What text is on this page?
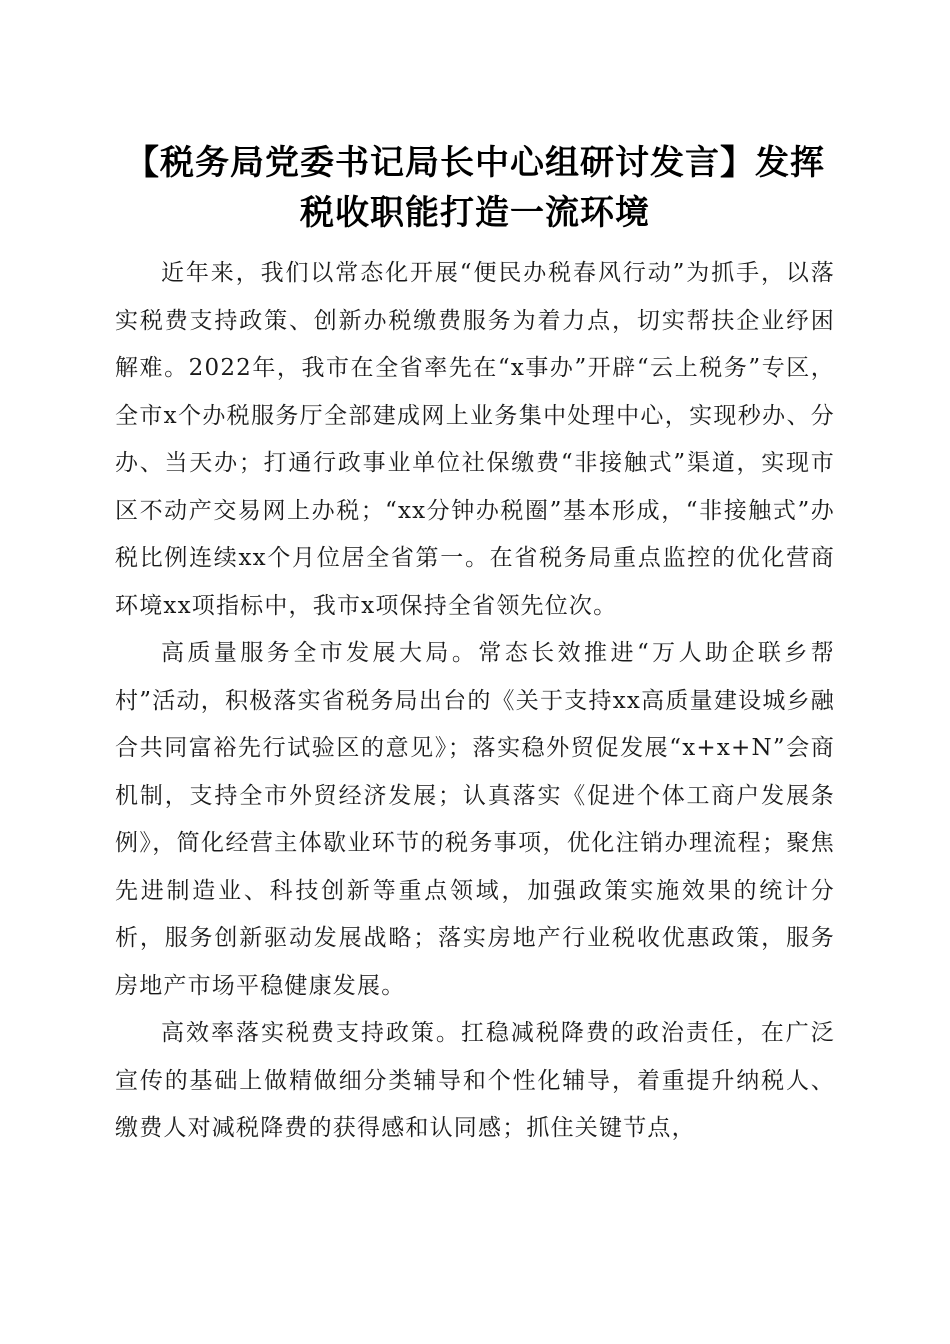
【税务局党委书记局长中心组研讨发言】发挥
税收职能打造一流环境

近年来，我们以常态化开展“便民办税春风行动”为抓手，以落实税费支持政策、创新办税缴费服务为着力点，切实帮扶企业纾困解难。2022年，我市在全省率先在“x事办”开辟“云上税务”专区，全市x个办税服务厅全部建成网上业务集中处理中心，实现秒办、分办、当天办；打通行政事业单位社保缴费“非接触式”渠道，实现市区不动产交易网上办税；“xx分钟办税圈”基本形成，“非接触式”办税比例连续xx个月位居全省第一。在省税务局重点监控的优化营商环境xx项指标中，我市x项保持全省领先位次。

高质量服务全市发展大局。常态长效推进“万人助企联乡帮村”活动，积极落实省税务局出台的《关于支持xx高质量建设城乡融合共同富裕先行试验区的意见》；落实稳外贸促发展“x+x+N”会商机制，支持全市外贸经济发展；认真落实《促进个体工商户发展条例》，简化经营主体歇业环节的税务事项，优化注销办理流程；聚焦先进制造业、科技创新等重点领域，加强政策实施效果的统计分析，服务创新驱动发展战略；落实房地产行业税收优惠政策，服务房地产市场平稳健康发展。

高效率落实税费支持政策。扛稳减税降费的政治责任，在广泛宣传的基础上做精做细分类辅导和个性化辅导，着重提升纳税人、缴费人对减税降费的获得感和认同感；抓住关键节点，
